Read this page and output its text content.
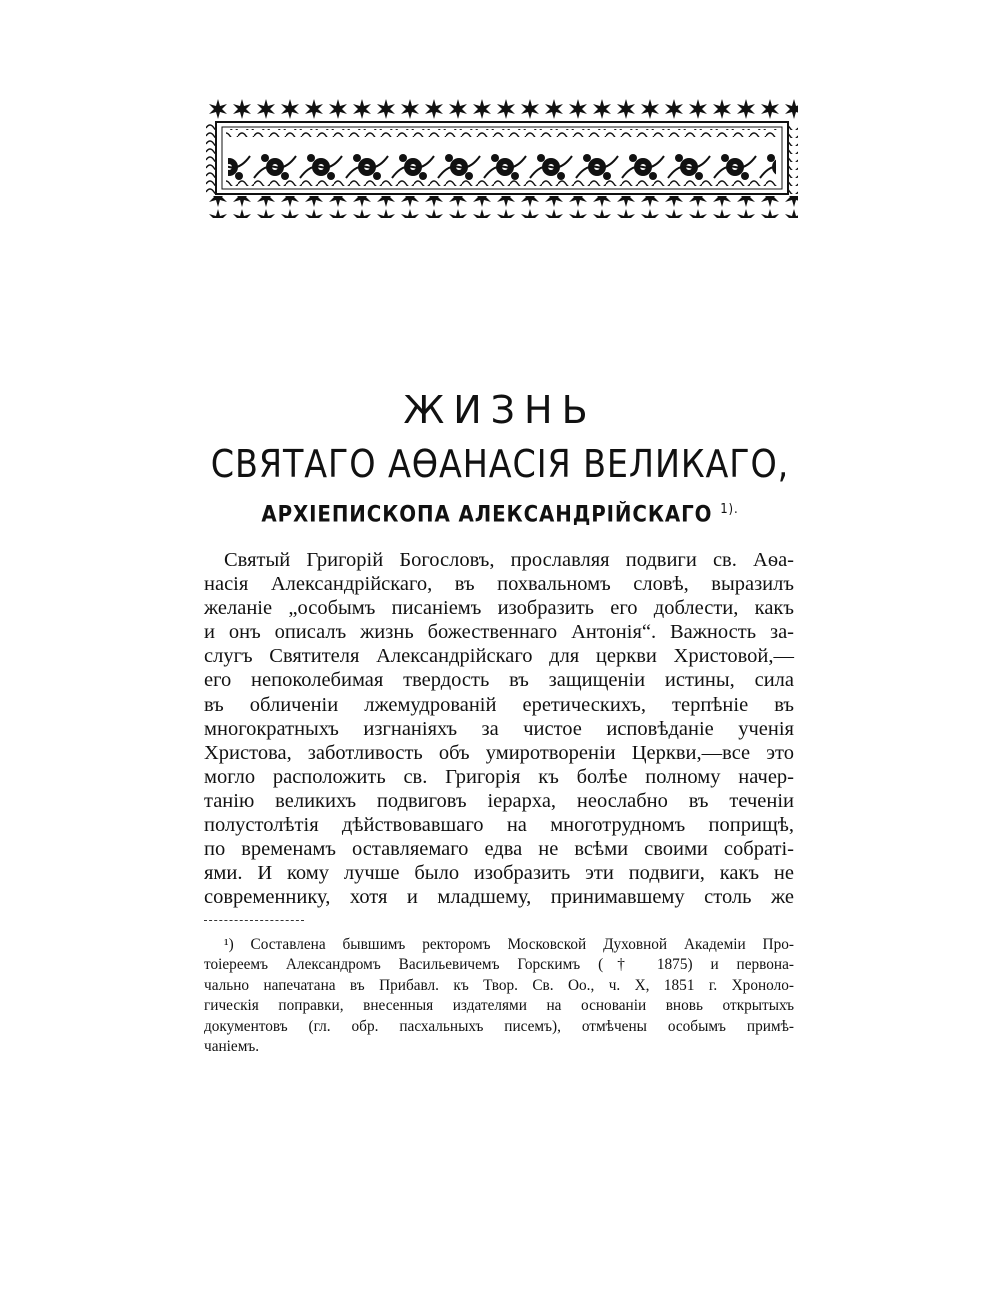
ЖИЗНЬ
СВЯТАГО АѲАНАСІЯ ВЕЛИКАГО,
АРХІЕПИСКОПА АЛЕКСАНДРІЙСКАГО $^{1).}$
Святый Григорій Богословъ, прославляя подвиги св. Аѳа-
насія Александрійскаго, въ похвальномъ словѣ, выразилъ
желаніе „особымъ писаніемъ изобразить его доблести, какъ
и онъ описалъ жизнь божественнаго Антонія“. Важность за-
слугъ Святителя Александрійскаго для церкви Христовой,—
его непоколебимая твердость въ защищеніи истины, сила
въ обличеніи лжемудрованій еретическихъ, терпѣніе въ
многократныхъ изгнаніяхъ за чистое исповѣданіе ученія
Христова, заботливость объ умиротвореніи Церкви,—все это
могло расположить св. Григорія къ болѣе полному начер-
танію великихъ подвиговъ іерарха, неослабно въ теченіи
полустолѣтія дѣйствовавшаго на многотрудномъ поприщѣ,
по временамъ оставляемаго едва не всѣми своими собраті-
ями. И кому лучше было изобразить эти подвиги, какъ не
современнику, хотя и младшему, принимавшему столь же
¹) Составлена бывшимъ ректоромъ Московской Духовной Академіи Про-
тоіереемъ Александромъ Васильевичемъ Горскимъ († 1875) и первона-
чально напечатана въ Прибавл. къ Твор. Св. Оо., ч. X, 1851 г. Хроноло-
гическія поправки, внесенныя издателями на основаніи вновь открытыхъ
документовъ (гл. обр. пасхальныхъ писемъ), отмѣчены особымъ примѣ-
чаніемъ.
